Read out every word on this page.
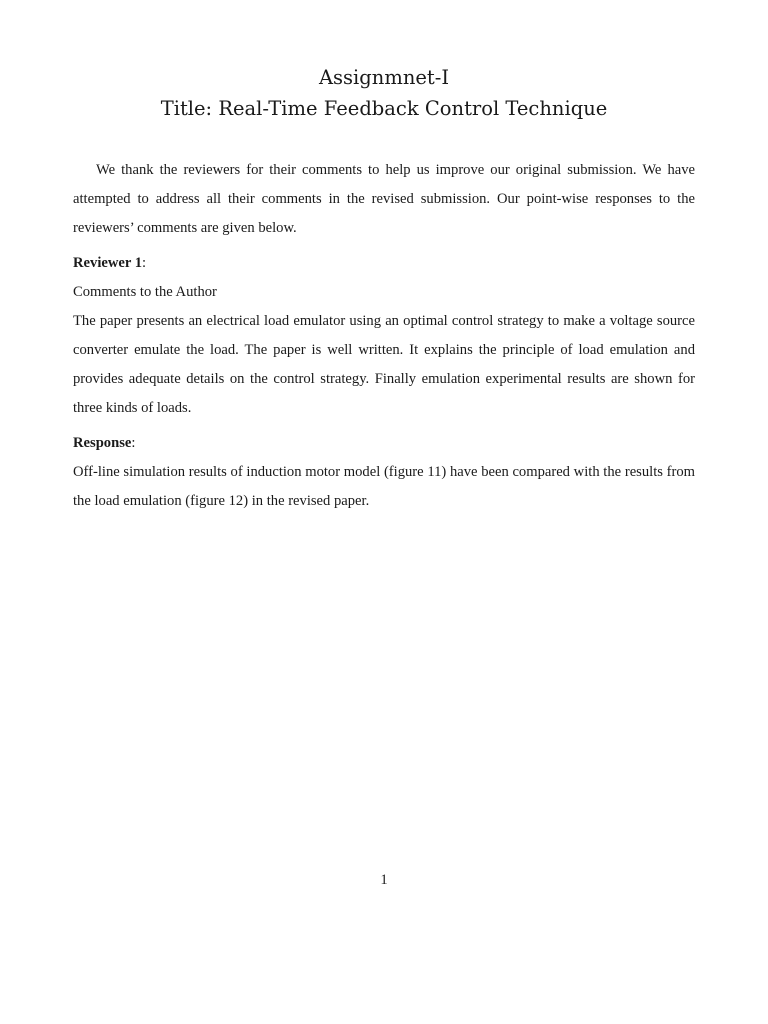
Assignmnet-I

Title: Real-Time Feedback Control Technique

We thank the reviewers for their comments to help us improve our original submission. We have attempted to address all their comments in the revised submission. Our point-wise responses to the reviewers’ comments are given below.

Reviewer 1:

Comments to the Author

The paper presents an electrical load emulator using an optimal control strategy to make a voltage source converter emulate the load. The paper is well written. It explains the principle of load emulation and provides adequate details on the control strategy. Finally emulation experimental results are shown for three kinds of loads.

Response:

Off-line simulation results of induction motor model (figure 11) have been compared with the results from the load emulation (figure 12) in the revised paper.

1
